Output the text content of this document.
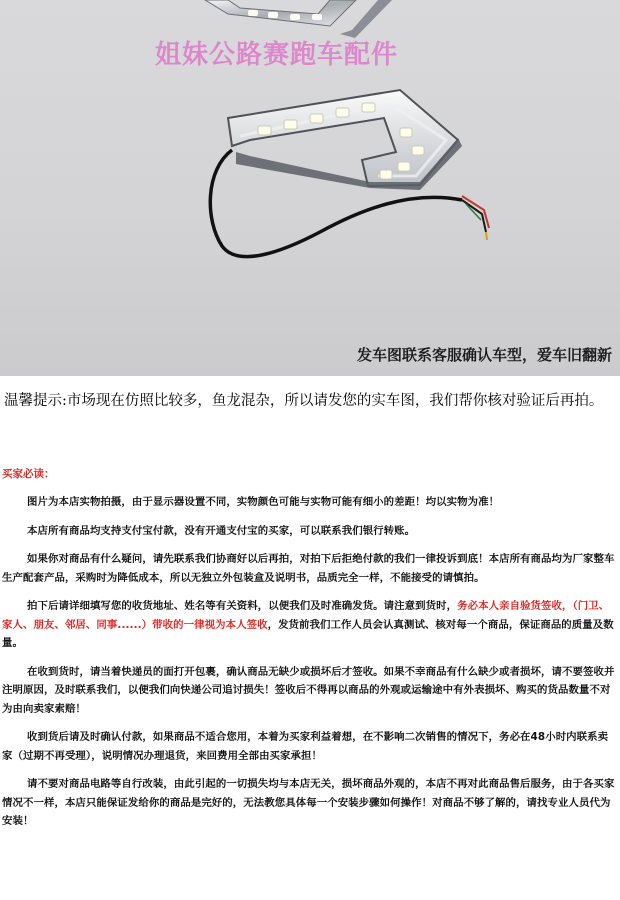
姐妹公路赛跑车配件
发车图联系客服确认车型，爱车旧翻新
温馨提示:市场现在仿照比较多，鱼龙混杂，所以请发您的实车图，我们帮你核对验证后再拍。
买家必读：

图片为本店实物拍摄，由于显示器设置不同，实物颜色可能与实物可能有细小的差距！均以实物为准！

本店所有商品均支持支付宝付款，没有开通支付宝的买家，可以联系我们银行转账。

如果你对商品有什么疑问，请先联系我们协商好以后再拍，对拍下后拒绝付款的我们一律投诉到底！本店所有商品均为厂家整车生产配套产品，采购时为降低成本，所以无独立外包装盒及说明书，品质完全一样，不能接受的请慎拍。

拍下后请详细填写您的收货地址、姓名等有关资料，以便我们及时准确发货。请注意到货时，务必本人亲自验货签收，（门卫、家人、朋友、邻居、同事......）带收的一律视为本人签收，发货前我们工作人员会认真测试、核对每一个商品，保证商品的质量及数量。

在收到货时，请当着快递员的面打开包裹，确认商品无缺少或损坏后才签收。如果不幸商品有什么缺少或者损坏，请不要签收并注明原因，及时联系我们，以便我们向快递公司追讨损失！签收后不得再以商品的外观或运输途中有外表损坏、购买的货品数量不对为由向卖家索赔！

收到货后请及时确认付款，如果商品不适合您用，本着为买家利益着想，在不影响二次销售的情况下，务必在48小时内联系卖家（过期不再受理），说明情况办理退货，来回费用全部由买家承担！

请不要对商品电路等自行改装，由此引起的一切损失均与本店无关，损坏商品外观的，本店不再对此商品售后服务，由于各买家情况不一样，本店只能保证发给你的商品是完好的，无法教您具体每一个安装步骤如何操作！对商品不够了解的，请找专业人员代为安装！
